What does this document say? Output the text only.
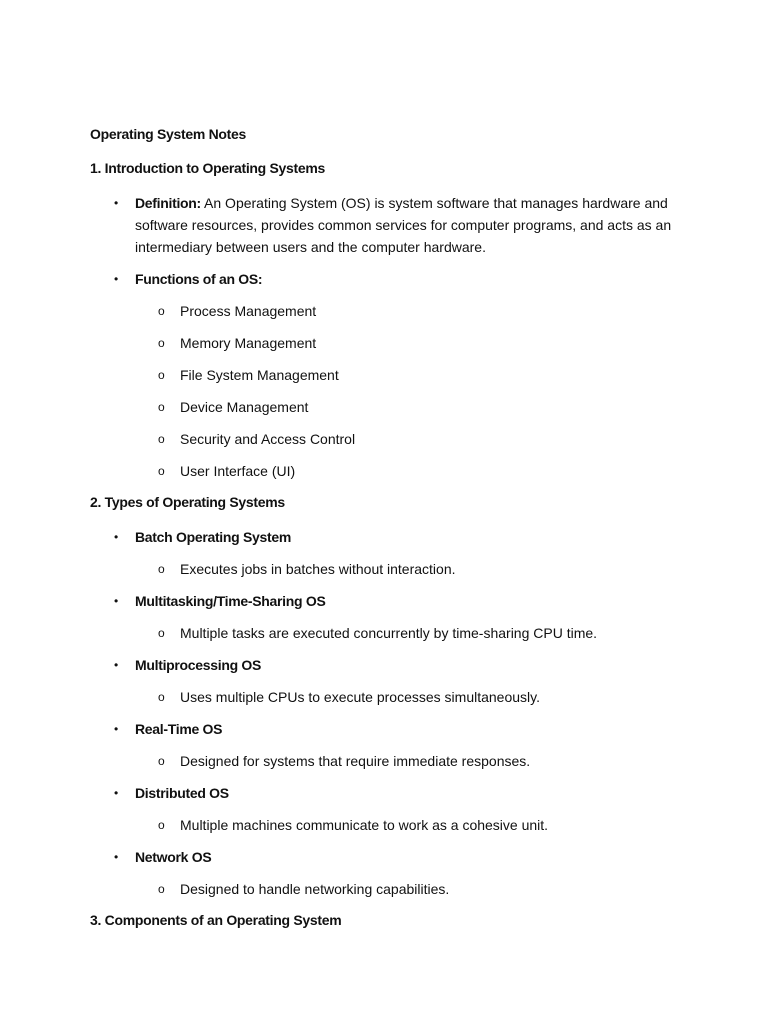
Operating System Notes

1. Introduction to Operating Systems

• Definition: An Operating System (OS) is system software that manages hardware and software resources, provides common services for computer programs, and acts as an intermediary between users and the computer hardware.
• Functions of an OS:
o Process Management
o Memory Management
o File System Management
o Device Management
o Security and Access Control
o User Interface (UI)

2. Types of Operating Systems

• Batch Operating System
o Executes jobs in batches without interaction.
• Multitasking/Time-Sharing OS
o Multiple tasks are executed concurrently by time-sharing CPU time.
• Multiprocessing OS
o Uses multiple CPUs to execute processes simultaneously.
• Real-Time OS
o Designed for systems that require immediate responses.
• Distributed OS
o Multiple machines communicate to work as a cohesive unit.
• Network OS
o Designed to handle networking capabilities.

3. Components of an Operating System
